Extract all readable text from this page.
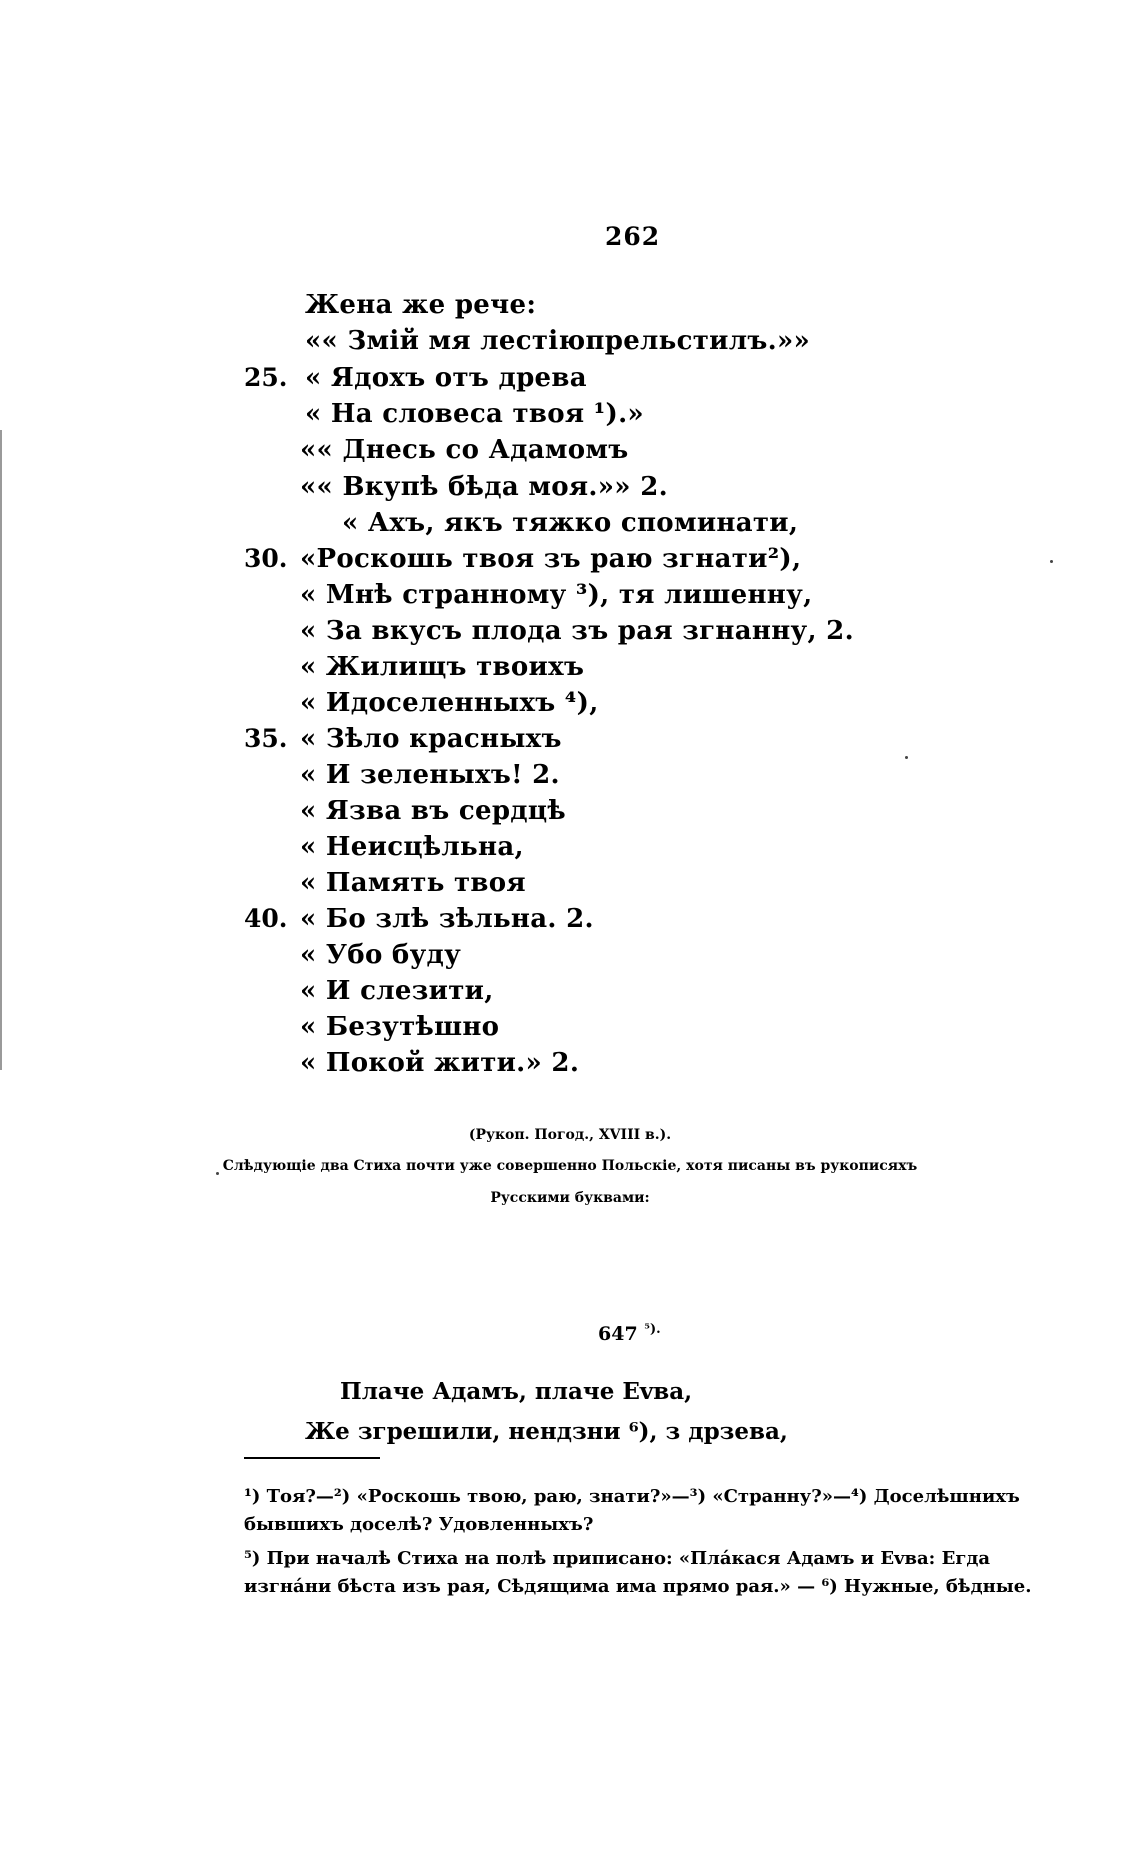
262
Жена же рече:
«« Змій мя лестіюпрельстилъ.»»
25. « Ядохъ отъ древа
« На словеса твоя ¹).»
«« Днесь со Адамомъ
«« Вкупѣ бѣда моя.»» 2.
« Ахъ, якъ тяжко споминати,
30. «Роскошь твоя зъ раю згнати²),
« Мнѣ странному ³), тя лишенну,
« За вкусъ плода зъ рая згнанну, 2.
« Жилищъ твоихъ
« Идоселенныхъ ⁴),
35. « Зѣло красныхъ
« И зеленыхъ! 2.
« Язва въ сердцѣ
« Неисцѣльна,
« Память твоя
40. « Бо злѣ зѣльна. 2.
« Убо буду
« И слезити,
« Безутѣшно
« Покой жити.» 2.
(Рукоп. Погод., XVIII в.).
Слѣдующіе два Стиха почти уже совершенно Польскіе, хотя писаны въ рукописяхъ
Русскими буквами:
647 $^{^5).}$
Плаче Адамъ, плаче Evва,
Же згрешили, нендзни ⁶), з дрзева,
¹) Тоя?—²) «Роскошь твою, раю, знати?»—³) «Странну?»—⁴) Доселѣшнихъ
бывшихъ доселѣ? Удовленныхъ?
⁵) При началѣ Стиха на полѣ приписано: «Плáкася Адамъ и Evва: Егда
изгнáни бѣста изъ рая, Сѣдящима има прямо рая.» — ⁶) Нужные, бѣдные.
